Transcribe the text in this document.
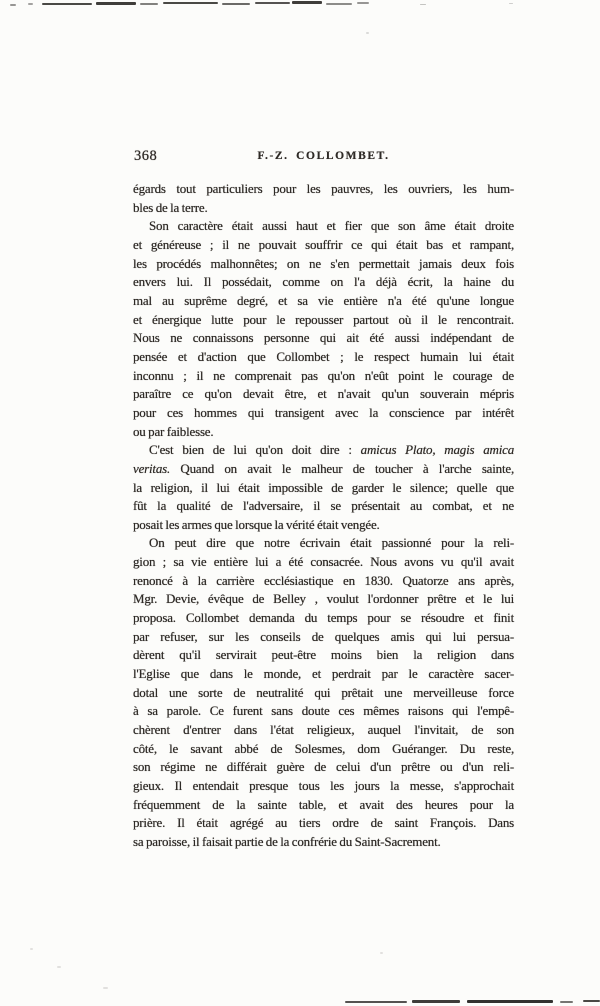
368	F.-Z. COLLOMBET.
égards tout particuliers pour les pauvres, les ouvriers, les hum-
bles de la terre.
Son caractère était aussi haut et fier que son âme était droite
et généreuse ; il ne pouvait souffrir ce qui était bas et rampant,
les procédés malhonnêtes; on ne s'en permettait jamais deux fois
envers lui. Il possédait, comme on l'a déjà écrit, la haine du
mal au suprême degré, et sa vie entière n'a été qu'une longue
et énergique lutte pour le repousser partout où il le rencontrait.
Nous ne connaissons personne qui ait été aussi indépendant de
pensée et d'action que Collombet ; le respect humain lui était
inconnu ; il ne comprenait pas qu'on n'eût point le courage de
paraître ce qu'on devait être, et n'avait qu'un souverain mépris
pour ces hommes qui transigent avec la conscience par intérêt
ou par faiblesse.
C'est bien de lui qu'on doit dire : amicus Plato, magis amica
veritas. Quand on avait le malheur de toucher à l'arche sainte,
la religion, il lui était impossible de garder le silence; quelle que
fût la qualité de l'adversaire, il se présentait au combat, et ne
posait les armes que lorsque la vérité était vengée.
On peut dire que notre écrivain était passionné pour la reli-
gion ; sa vie entière lui a été consacrée. Nous avons vu qu'il avait
renoncé à la carrière ecclésiastique en 1830. Quatorze ans après,
Mgr. Devie, évêque de Belley , voulut l'ordonner prêtre et le lui
proposa. Collombet demanda du temps pour se résoudre et finit
par refuser, sur les conseils de quelques amis qui lui persua-
dèrent qu'il servirait peut-être moins bien la religion dans
l'Eglise que dans le monde, et perdrait par le caractère sacer-
dotal une sorte de neutralité qui prêtait une merveilleuse force
à sa parole. Ce furent sans doute ces mêmes raisons qui l'empê-
chèrent d'entrer dans l'état religieux, auquel l'invitait, de son
côté, le savant abbé de Solesmes, dom Guéranger. Du reste,
son régime ne différait guère de celui d'un prêtre ou d'un reli-
gieux. Il entendait presque tous les jours la messe, s'approchait
fréquemment de la sainte table, et avait des heures pour la
prière. Il était agrégé au tiers ordre de saint François. Dans
sa paroisse, il faisait partie de la confrérie du Saint-Sacrement.
